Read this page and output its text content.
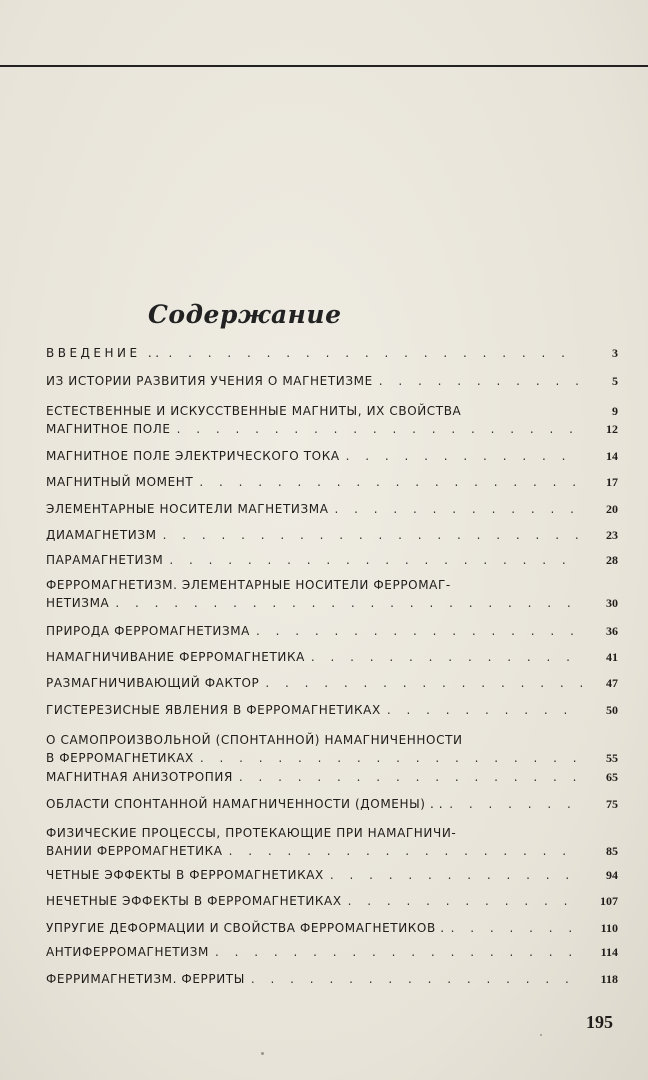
Содержание
ВВЕДЕНИЕ .. . . .	3
ИЗ ИСТОРИИ РАЗВИТИЯ УЧЕНИЯ О МАГНЕТИЗМЕ . . .	5
ЕСТЕСТВЕННЫЕ И ИСКУССТВЕННЫЕ МАГНИТЫ, ИХ СВОЙСТВА	9
МАГНИТНОЕ ПОЛЕ . . .	12
МАГНИТНОЕ ПОЛЕ ЭЛЕКТРИЧЕСКОГО ТОКА . . .	14
МАГНИТНЫЙ МОМЕНТ . . .	17
ЭЛЕМЕНТАРНЫЕ НОСИТЕЛИ МАГНЕТИЗМА . . .	20
ДИАМАГНЕТИЗМ . . .	23
ПАРАМАГНЕТИЗМ . . .	28
ФЕРРОМАГНЕТИЗМ. ЭЛЕМЕНТАРНЫЕ НОСИТЕЛИ ФЕРРОМАГ-
НЕТИЗМА . . .	30
ПРИРОДА ФЕРРОМАГНЕТИЗМА . . .	36
НАМАГНИЧИВАНИЕ ФЕРРОМАГНЕТИКА . . .	41
РАЗМАГНИЧИВАЮЩИЙ ФАКТОР . . .	47
ГИСТЕРЕЗИСНЫЕ ЯВЛЕНИЯ В ФЕРРОМАГНЕТИКАХ . . .	50
О САМОПРОИЗВОЛЬНОЙ (СПОНТАННОЙ) НАМАГНИЧЕННОСТИ
В ФЕРРОМАГНЕТИКАХ . . .	55
МАГНИТНАЯ АНИЗОТРОПИЯ . . .	65
ОБЛАСТИ СПОНТАННОЙ НАМАГНИЧЕННОСТИ (ДОМЕНЫ) . . . . .	75
ФИЗИЧЕСКИЕ ПРОЦЕССЫ, ПРОТЕКАЮЩИЕ ПРИ НАМАГНИЧИ-
ВАНИИ ФЕРРОМАГНЕТИКА . . .	85
ЧЕТНЫЕ ЭФФЕКТЫ В ФЕРРОМАГНЕТИКАХ . . .	94
НЕЧЕТНЫЕ ЭФФЕКТЫ В ФЕРРОМАГНЕТИКАХ . . .	107
УПРУГИЕ ДЕФОРМАЦИИ И СВОЙСТВА ФЕРРОМАГНЕТИКОВ . . . .	110
АНТИФЕРРОМАГНЕТИЗМ . . .	114
ФЕРРИМАГНЕТИЗМ. ФЕРРИТЫ . . .	118
195
